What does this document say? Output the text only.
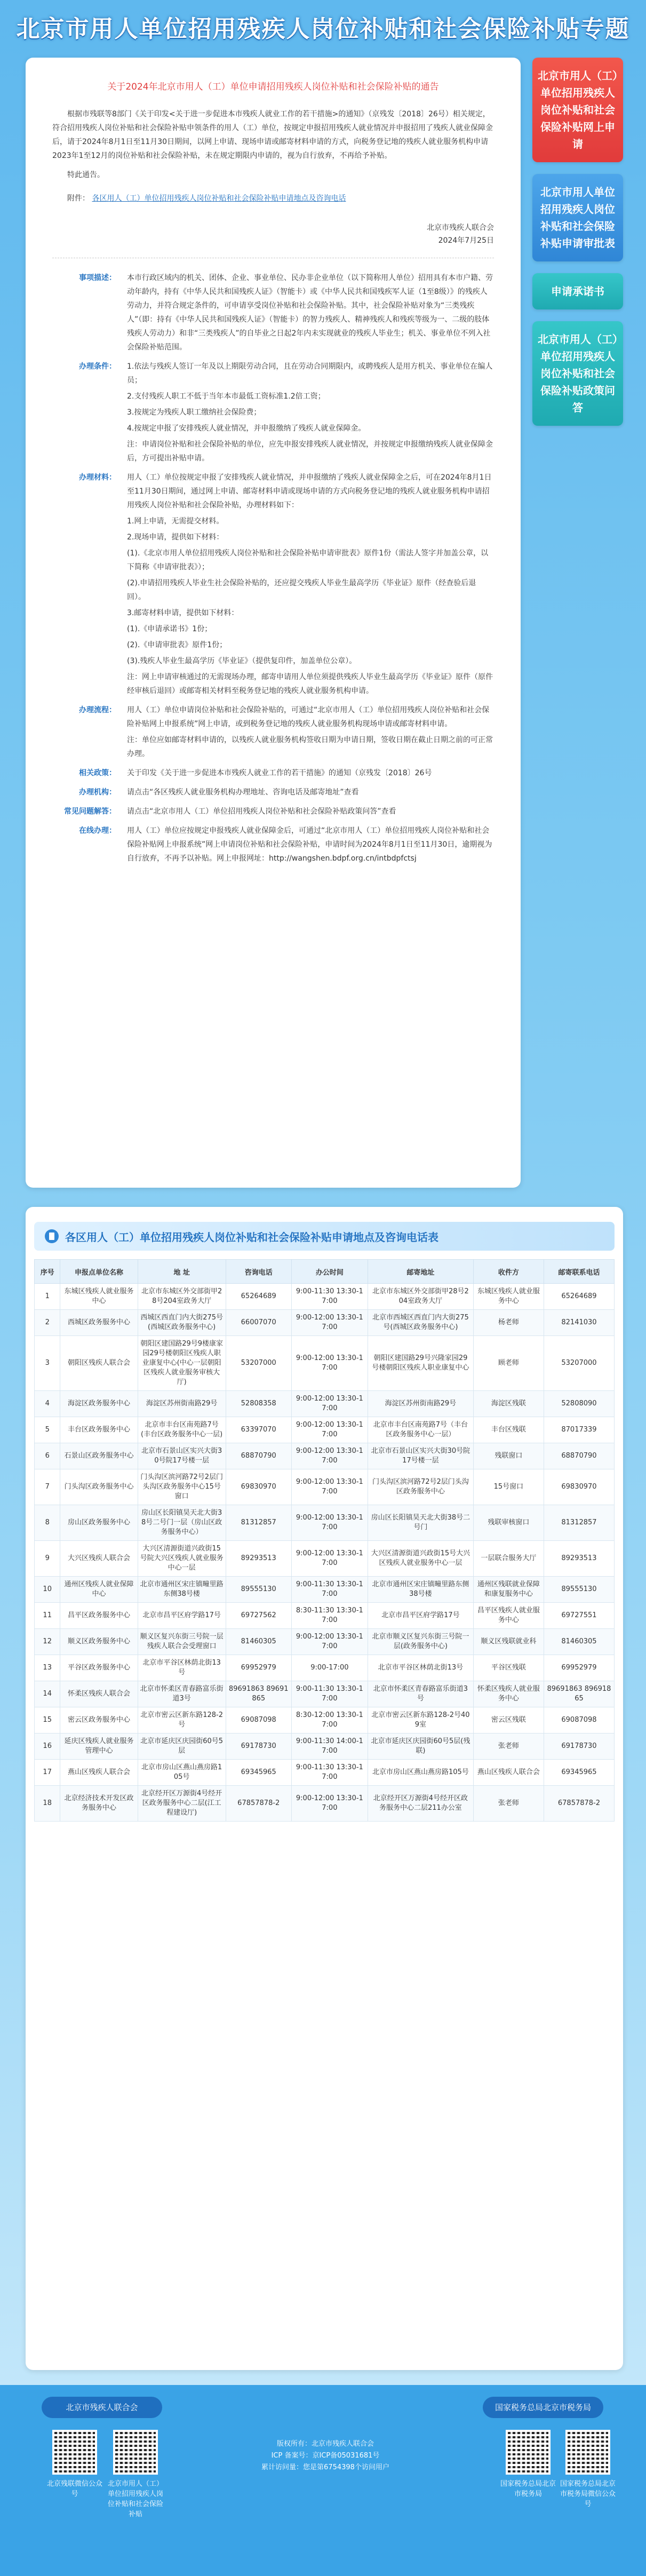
北京市用人单位招用残疾人岗位补贴和社会保险补贴专题
关于2024年北京市用人（工）单位申请招用残疾人岗位补贴和社会保险补贴的通告

根据市残联等8部门《关于印发<关于进一步促进本市残疾人就业工作的若干措施>的通知》（京残发〔2018〕26号）相关规定，符合招用残疾人岗位补贴和社会保险补贴申领条件的用人（工）单位，按规定申报招用残疾人就业情况并申报招用了残疾人就业保障金后，请于2024年8月1日至11月30日期间，以网上申请、现场申请或邮寄材料申请的方式，向税务登记地的残疾人就业服务机构申请2023年1至12月的岗位补贴和社会保险补贴，未在规定期限内申请的，视为自行放弃，不再给予补贴。

特此通告。

附件： 各区用人（工）单位招用残疾人岗位补贴和社会保险补贴申请地点及咨询电话
北京市残疾人联合会
2024年7月25日
事项描述：	本市行政区域内的机关、团体、企业、事业单位、民办非企业单位（以下简称用人单位）招用具有本市户籍、劳动年龄内，持有《中华人民共和国残疾人证》（智能卡）或《中华人民共和国残疾军人证（1至8级）》的残疾人劳动力，并符合规定条件的，可申请享受岗位补贴和社会保险补贴。其中，社会保险补贴对象为“三类残疾人”（即：持有《中华人民共和国残疾人证》（智能卡）的智力残疾人、精神残疾人和残疾等级为一、二级的肢体残疾人劳动力）和非“三类残疾人”的自毕业之日起2年内未实现就业的残疾人毕业生；机关、事业单位不列入社会保险补贴范围。

办理条件：	1.依法与残疾人签订一年及以上期限劳动合同，且在劳动合同期限内，或聘残疾人是用方机关、事业单位在编人员；

2.支付残疾人职工不低于当年本市最低工资标准1.2倍工资；

3.按规定为残疾人职工缴纳社会保险费；

4.按规定申报了安排残疾人就业情况，并申报缴纳了残疾人就业保障金。

注：申请岗位补贴和社会保险补贴的单位，应先申报安排残疾人就业情况，并按规定申报缴纳残疾人就业保障金后，方可提出补贴申请。

办理材料：	用人（工）单位按规定申报了安排残疾人就业情况，并申报缴纳了残疾人就业保障金之后，可在2024年8月1日至11月30日期间，通过网上申请、邮寄材料申请或现场申请的方式向税务登记地的残疾人就业服务机构申请招用残疾人岗位补贴和社会保险补贴，办理材料如下：

1.网上申请，无需提交材料。

2.现场申请，提供如下材料：

(1).《北京市用人单位招用残疾人岗位补贴和社会保险补贴申请审批表》原件1份（需法人签字并加盖公章，以下简称《申请审批表》）；

(2).申请招用残疾人毕业生社会保险补贴的，还应提交残疾人毕业生最高学历《毕业证》原件（经查验后退回）。

3.邮寄材料申请，提供如下材料：

(1).《申请承诺书》1份；

(2).《申请审批表》原件1份；

(3).残疾人毕业生最高学历《毕业证》（提供复印件，加盖单位公章）。

注：网上申请审核通过的无需现场办理，邮寄申请用人单位须提供残疾人毕业生最高学历《毕业证》原件（原件经审核后退回）或邮寄相关材料至税务登记地的残疾人就业服务机构申请。

办理流程：	用人（工）单位申请岗位补贴和社会保险补贴的，可通过“北京市用人（工）单位招用残疾人岗位补贴和社会保险补贴网上申报系统”网上申请，或到税务登记地的残疾人就业服务机构现场申请或邮寄材料申请。

注：单位应如邮寄材料申请的，以残疾人就业服务机构签收日期为申请日期，签收日期在截止日期之前的可正常办理。

相关政策：	关于印发《关于进一步促进本市残疾人就业工作的若干措施》的通知（京残发〔2018〕26号

办理机构：	请点击“各区残疾人就业服务机构办理地址、咨询电话及邮寄地址”查看

常见问题解答：	请点击“北京市用人（工）单位招用残疾人岗位补贴和社会保险补贴政策问答”查看

在线办理：	用人（工）单位应按规定申报残疾人就业保障金后，可通过“北京市用人（工）单位招用残疾人岗位补贴和社会保险补贴网上申报系统”网上申请岗位补贴和社会保险补贴，申请时间为2024年8月1日至11月30日，逾期视为自行放弃，不再予以补贴。网上申报网址：http://wangshen.bdpf.org.cn/intbdpfctsj

北京市用人（工）单位招用残疾人岗位补贴和社会保险补贴网上申请
北京市用人单位招用残疾人岗位补贴和社会保险补贴申请审批表
申请承诺书
北京市用人（工）单位招用残疾人岗位补贴和社会保险补贴政策问答
各区用人（工）单位招用残疾人岗位补贴和社会保险补贴申请地点及咨询电话表
序号	申报点单位名称	地 址	咨询电话	办公时间	邮寄地址	收件方	邮寄联系电话
1	东城区残疾人就业服务中心	北京市东城区外交部街甲28号204室政务大厅	65264689	9:00-11:30 13:30-17:00	北京市东城区外交部街甲28号204室政务大厅	东城区残疾人就业服务中心	65264689
2	西城区政务服务中心	西城区西直门内大街275号(西城区政务服务中心)	66007070	9:00-12:00 13:30-17:00	北京市西城区西直门内大街275号(西城区政务服务中心)	杨老师	82141030
3	朝阳区残疾人联合会	朝阳区建国路29号9楼康家园29号楼朝阳区残疾人职业康复中心(中心一层朝阳区残疾人就业服务审核大厅)	53207000	9:00-12:00 13:30-17:00	朝阳区建国路29号兴隆家园29号楼朝阳区残疾人职业康复中心	顾老师	53207000
4	海淀区政务服务中心	海淀区苏州街南路29号	52808358	9:00-12:00 13:30-17:00	海淀区苏州街南路29号	海淀区残联	52808090
5	丰台区政务服务中心	北京市丰台区南苑路7号(丰台区政务服务中心一层)	63397070	9:00-12:00 13:30-17:00	北京市丰台区南苑路7号（丰台区政务服务中心一层）	丰台区残联	87017339
6	石景山区政务服务中心	北京市石景山区实兴大街30号院17号楼一层	68870790	9:00-12:00 13:30-17:00	北京市石景山区实兴大街30号院17号楼一层	残联窗口	68870790
7	门头沟区政务服务中心	门头沟区滨河路72号2层门头沟区政务服务中心15号窗口	69830970	9:00-12:00 13:30-17:00	门头沟区滨河路72号2层门头沟区政务服务中心	15号窗口	69830970
8	房山区政务服务中心	房山区长阳镇昊天北大街38号二号门一层（房山区政务服务中心）	81312857	9:00-12:00 13:30-17:00	房山区长阳镇昊天北大街38号二号门	残联审核窗口	81312857
9	大兴区残疾人联合会	大兴区清源街道兴政街15号院大兴区残疾人就业服务中心一层	89293513	9:00-12:00 13:30-17:00	大兴区清源街道兴政街15号大兴区残疾人就业服务中心一层	一层联合服务大厅	89293513
10	通州区残疾人就业保障中心	北京市通州区宋庄镇疃里路东侧38号楼	89555130	9:00-11:30 13:30-17:00	北京市通州区宋庄镇疃里路东侧38号楼	通州区残联就业保障和康复服务中心	89555130
11	昌平区政务服务中心	北京市昌平区府学路17号	69727562	8:30-11:30 13:30-17:00	北京市昌平区府学路17号	昌平区残疾人就业服务中心	69727551
12	顺义区政务服务中心	顺义区复兴东街三号院一层残疾人联合会受理窗口	81460305	9:00-12:00 13:30-17:00	北京市顺义区复兴东街三号院一层(政务服务中心)	顺义区残联就业科	81460305
13	平谷区政务服务中心	北京市平谷区林荫北街13号	69952979	9:00-17:00	北京市平谷区林荫北街13号	平谷区残联	69952979
14	怀柔区残疾人联合会	北京市怀柔区青春路富乐街道3号	89691863 89691865	9:00-11:30 13:30-17:00	北京市怀柔区青春路富乐街道3号	怀柔区残疾人就业服务中心	89691863 89691865
15	密云区政务服务中心	北京市密云区新东路128-2号	69087098	8:30-12:00 13:30-17:00	北京市密云区新东路128-2号409室	密云区残联	69087098
16	延庆区残疾人就业服务管理中心	北京市延庆区庆园街60号5层	69178730	9:00-11:30 14:00-17:00	北京市延庆区庆园街60号5层(残联)	张老师	69178730
17	燕山区残疾人联合会	北京市房山区燕山燕房路105号	69345965	9:00-11:30 13:30-17:00	北京市房山区燕山燕房路105号	燕山区残疾人联合会	69345965
18	北京经济技术开发区政务服务中心	北京经开区万源街4号经开区政务服务中心二层(江工程建设厅)	67857878-2	9:00-12:00 13:30-17:00	北京经开区万源街4号经开区政务服务中心二层211办公室	张老师	67857878-2
北京市残疾人联合会	国家税务总局北京市税务局
北京残联微信公众号
北京市用人（工）单位招用残疾人岗位补贴和社会保险补贴
版权所有：北京市残疾人联合会
ICP 备案号：京ICP备05031681号
累计访问量：您是第6754398个访问用户
国家税务总局北京市税务局
国家税务总局北京市税务局微信公众号
